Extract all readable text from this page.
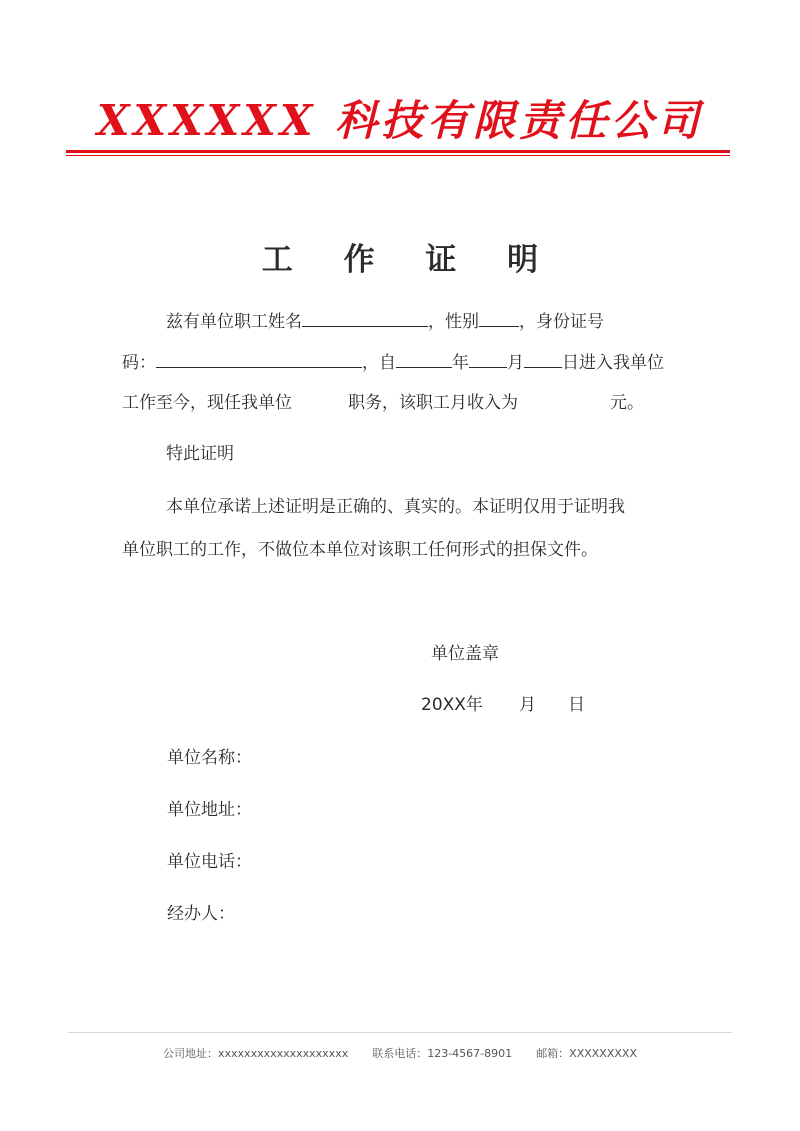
XXXXXX 科技有限责任公司
工 作 证 明
兹有单位职工姓名	，性别 ，身份证号
码：	，自	年 月 日进入我单位
工作至今，现任我单位	职务，该职工月收入为	元。
特此证明
本单位承诺上述证明是正确的、真实的。本证明仅用于证明我
单位职工的工作，不做位本单位对该职工任何形式的担保文件。
单位盖章
20XX年 月 日
单位名称：
单位地址：
单位电话：
经办人：
公司地址：xxxxxxxxxxxxxxxxxxxx 联系电话：123-4567-8901 邮箱：XXXXXXXXX
